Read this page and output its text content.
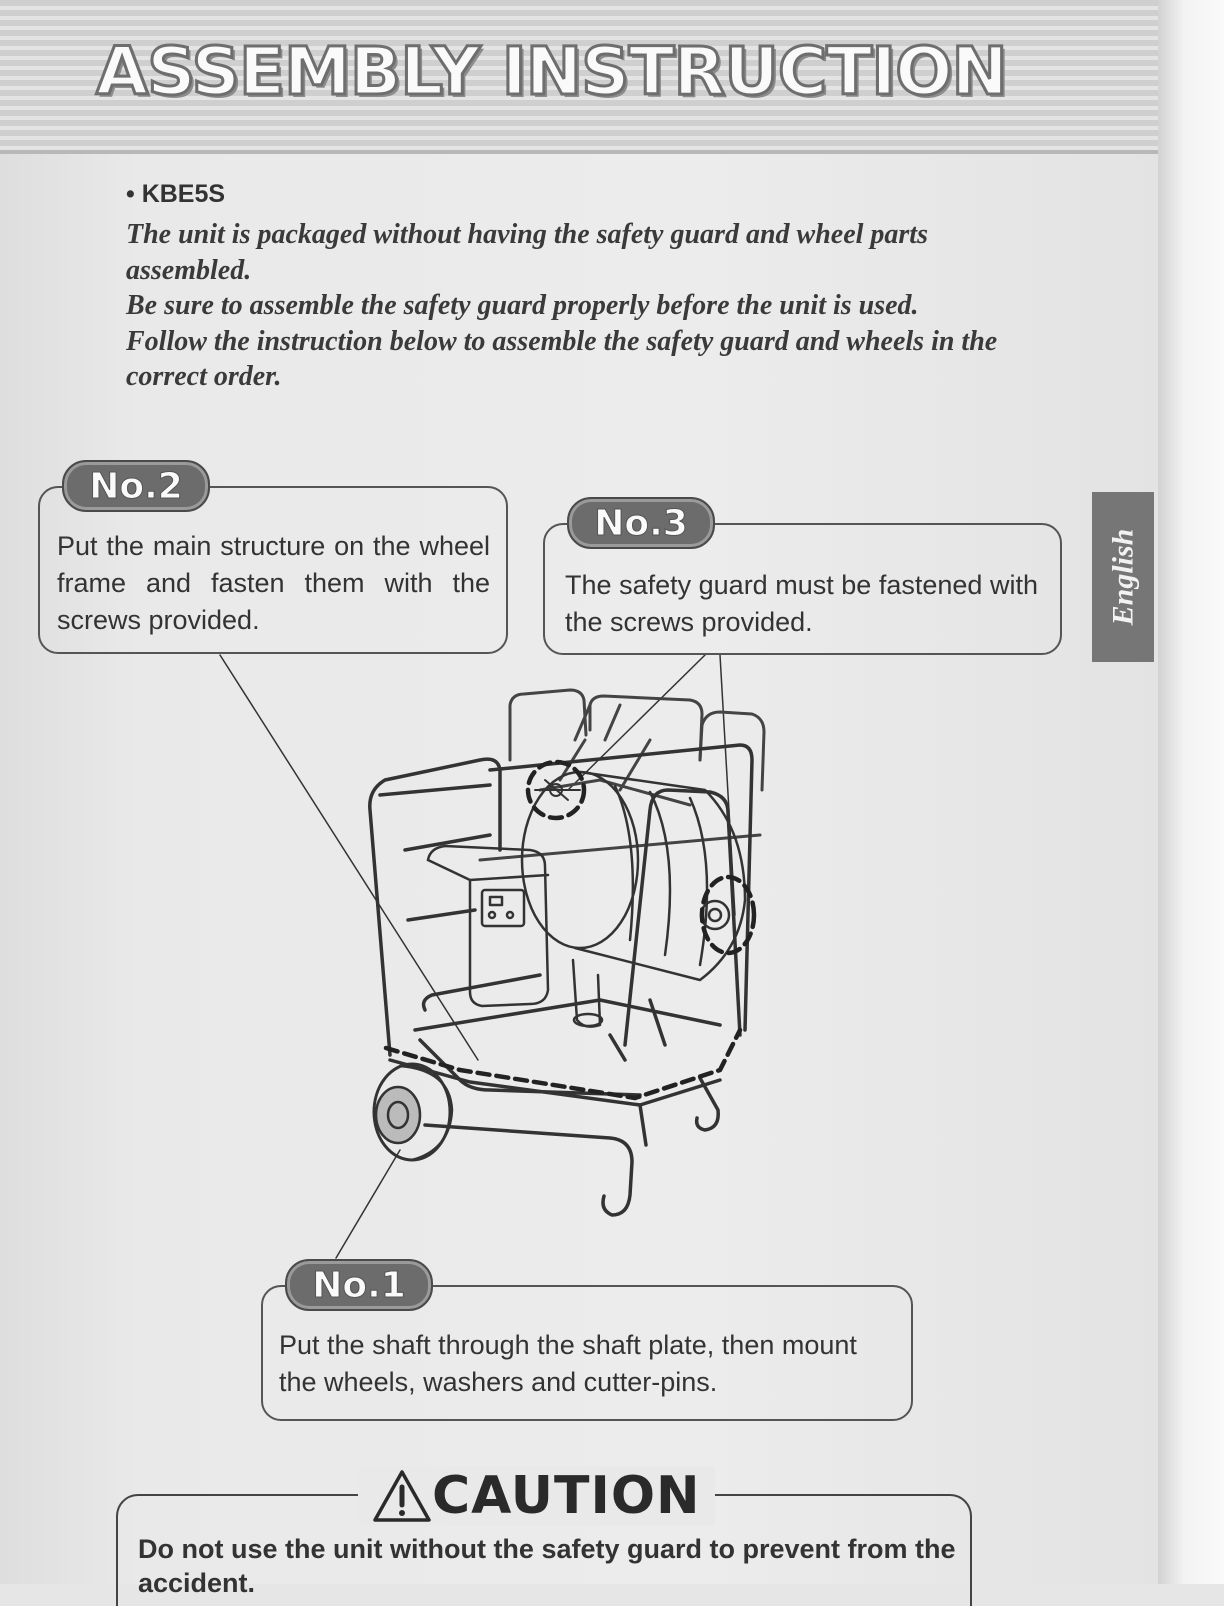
ASSEMBLY INSTRUCTION
• KBE5S

The unit is packaged without having the safety guard and wheel parts assembled.

Be sure to assemble the safety guard properly before the unit is used.

Follow the instruction below to assemble the safety guard and wheels in the correct order.

English
No.2

Put the main structure on the wheel frame and fasten them with the screws provided.

No.3

The safety guard must be fastened with the screws provided.

No.1

Put the shaft through the shaft plate, then mount the wheels, washers and cutter-pins.

CAUTION

Do not use the unit without the safety guard to prevent from the accident.
